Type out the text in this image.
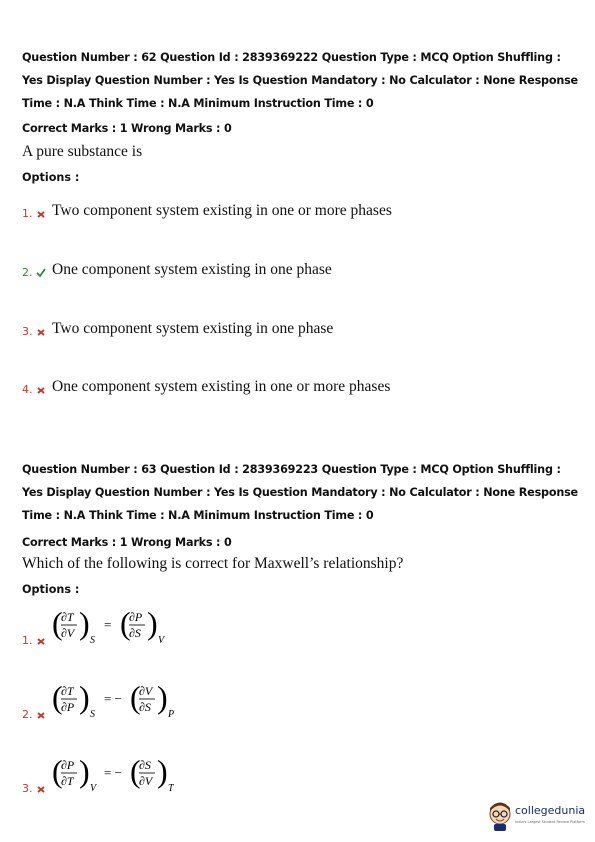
Question Number : 62 Question Id : 2839369222 Question Type : MCQ Option Shuffling : Yes Display Question Number : Yes Is Question Mandatory : No Calculator : None Response Time : N.A Think Time : N.A Minimum Instruction Time : 0
Correct Marks : 1 Wrong Marks : 0
A pure substance is
Options :
1. Two component system existing in one or more phases
2. One component system existing in one phase
3. Two component system existing in one phase
4. One component system existing in one or more phases
Question Number : 63 Question Id : 2839369223 Question Type : MCQ Option Shuffling : Yes Display Question Number : Yes Is Question Mandatory : No Calculator : None Response Time : N.A Think Time : N.A Minimum Instruction Time : 0
Correct Marks : 1 Wrong Marks : 0
Which of the following is correct for Maxwell’s relationship?
Options :
1. (
∂T
∂V ) S
= (
∂P
∂S ) V
2. (
∂T
∂P ) S
= − (
∂V
∂S ) P
3. (
∂P
∂T ) V
= − (
∂S
∂V ) T
collegedunia
India's Largest Student Review Platform
